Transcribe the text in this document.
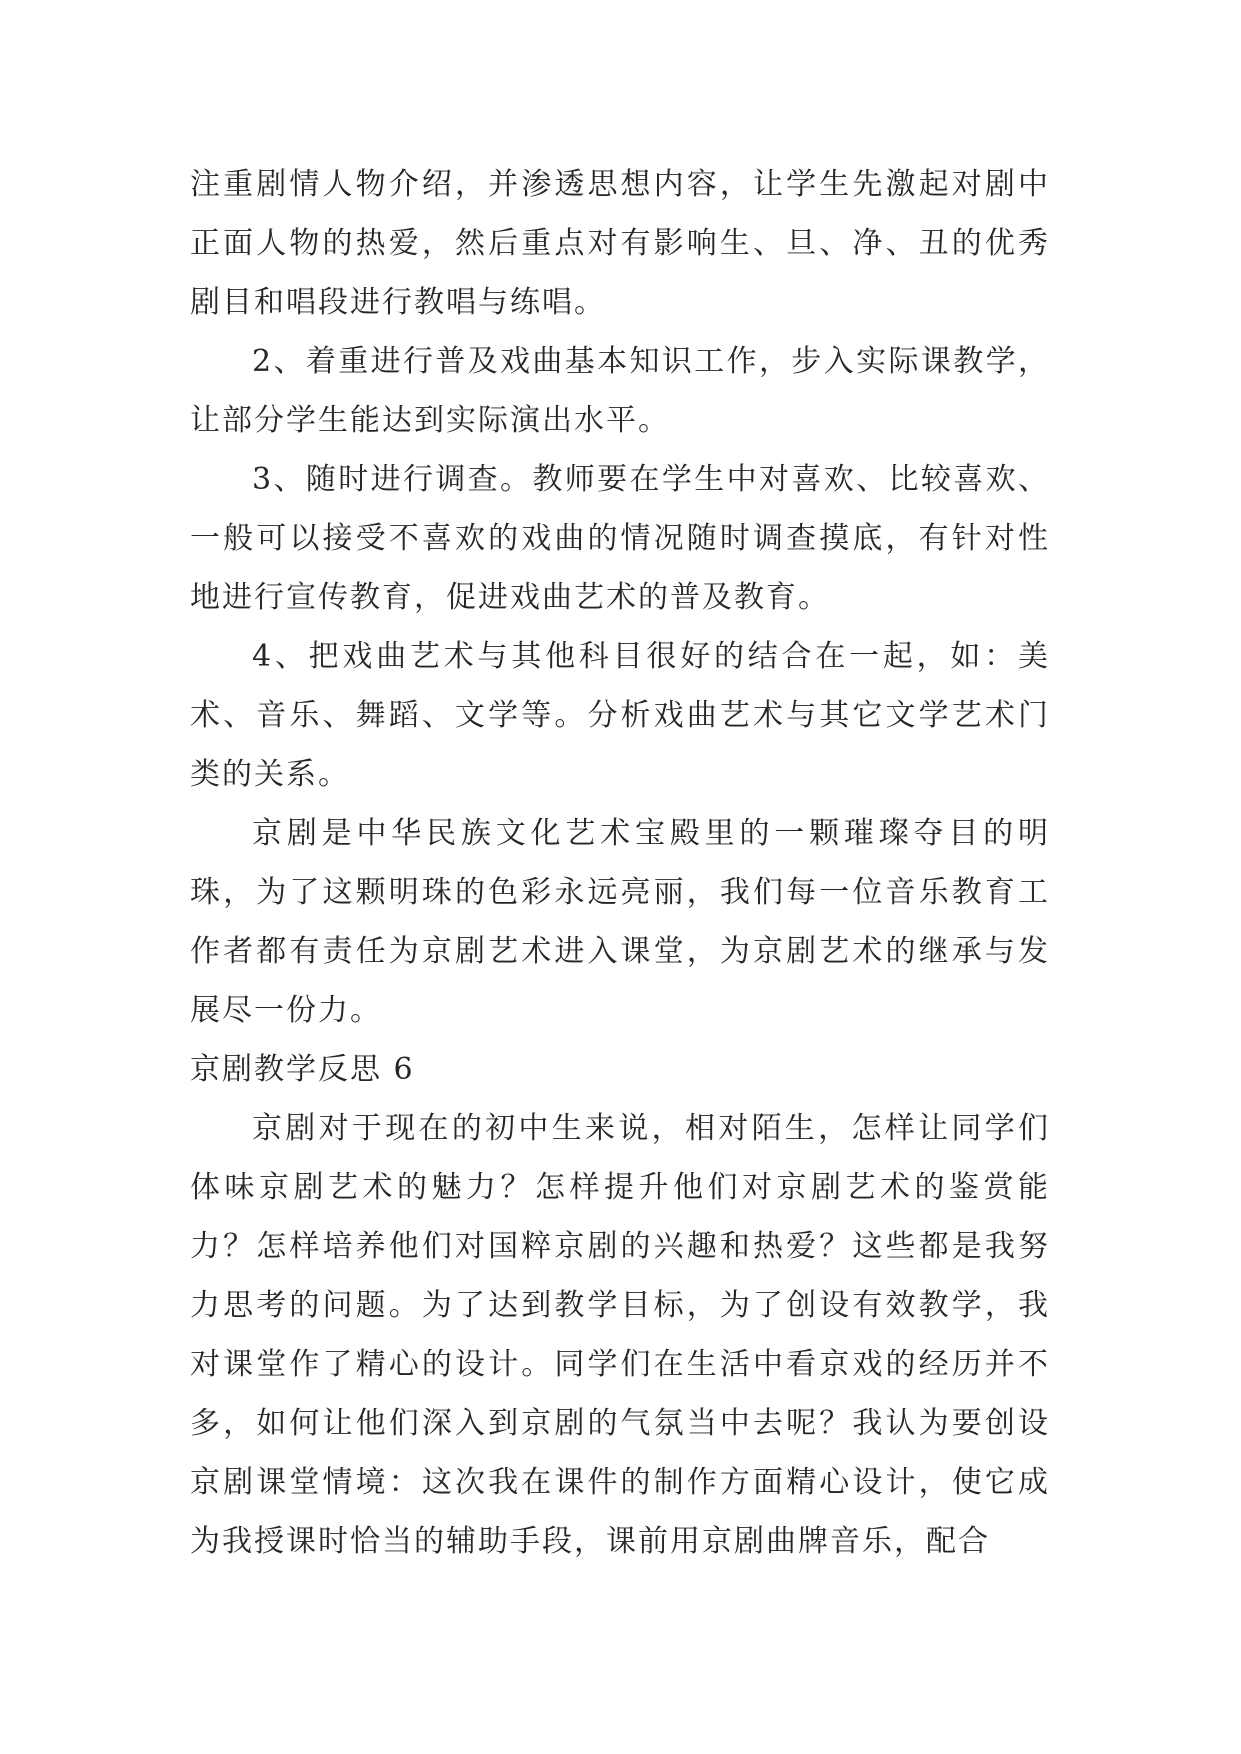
注重剧情人物介绍，并渗透思想内容，让学生先激起对剧中正面人物的热爱，然后重点对有影响生、旦、净、丑的优秀剧目和唱段进行教唱与练唱。

2、着重进行普及戏曲基本知识工作，步入实际课教学，让部分学生能达到实际演出水平。

3、随时进行调查。教师要在学生中对喜欢、比较喜欢、一般可以接受不喜欢的戏曲的情况随时调查摸底，有针对性地进行宣传教育，促进戏曲艺术的普及教育。

4、把戏曲艺术与其他科目很好的结合在一起，如：美术、音乐、舞蹈、文学等。分析戏曲艺术与其它文学艺术门类的关系。

京剧是中华民族文化艺术宝殿里的一颗璀璨夺目的明珠，为了这颗明珠的色彩永远亮丽，我们每一位音乐教育工作者都有责任为京剧艺术进入课堂，为京剧艺术的继承与发展尽一份力。

京剧教学反思 6

京剧对于现在的初中生来说，相对陌生，怎样让同学们体味京剧艺术的魅力？怎样提升他们对京剧艺术的鉴赏能力？怎样培养他们对国粹京剧的兴趣和热爱？这些都是我努力思考的问题。为了达到教学目标，为了创设有效教学，我对课堂作了精心的设计。同学们在生活中看京戏的经历并不多，如何让他们深入到京剧的气氛当中去呢？我认为要创设京剧课堂情境：这次我在课件的制作方面精心设计，使它成为我授课时恰当的辅助手段，课前用京剧曲牌音乐，配合
